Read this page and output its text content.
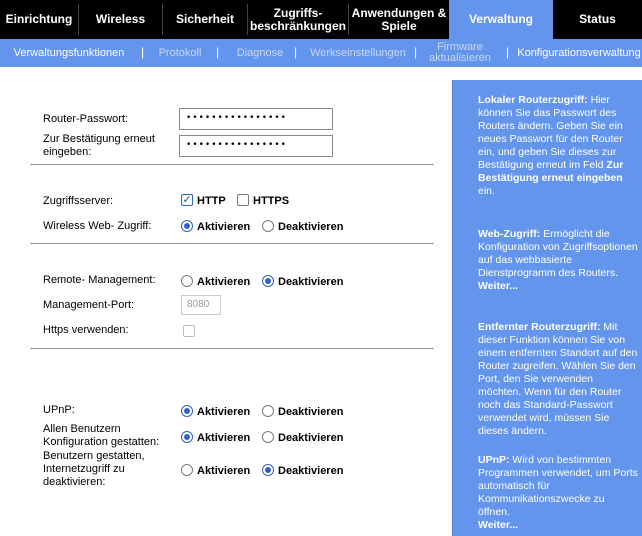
Einrichtung	Wireless	Sicherheit	Zugriffs- beschränkungen
Anwendungen & Spiele	Verwaltung	Status
Verwaltungsfunktionen	|	Protokoll	|	Diagnose | Werkseinstellungen |	Firmware aktualisieren	| Konfigurationsverwaltung
Router-Passwort:	••••••••••••••••
Zur Bestätigung erneut
eingeben:
••••••••••••••••
Zugriffsserver:	✓ HTTP HTTPS
Wireless Web- Zugriff:	Aktivieren	Deaktivieren
Remote- Management:	Aktivieren	Deaktivieren
Management-Port:	8080
Https verwenden:
UPnP:	Aktivieren	Deaktivieren
Allen Benutzern
Konfiguration gestatten:	Aktivieren	Deaktivieren
Benutzern gestatten,
Internetzugriff zu
deaktivieren:
Aktivieren	Deaktivieren
Lokaler Routerzugriff: Hier können Sie das Passwort des Routers ändern. Geben Sie ein neues Passwort für den Router ein, und geben Sie dieses zur Bestätigung erneut im Feld Zur Bestätigung erneut eingeben ein.
Web-Zugriff: Ermöglicht die Konfiguration von Zugriffsoptionen auf das webbasierte Dienstprogramm des Routers.
Weiter...
Entfernter Routerzugriff: Mit dieser Funktion können Sie von einem entfernten Standort auf den Router zugreifen. Wählen Sie den Port, den Sie verwenden möchten. Wenn für den Router noch das Standard-Passwort verwendet wird, müssen Sie dieses ändern.
UPnP: Wird von bestimmten Programmen verwendet, um Ports automatisch für Kommunikationszwecke zu öffnen.
Weiter...
